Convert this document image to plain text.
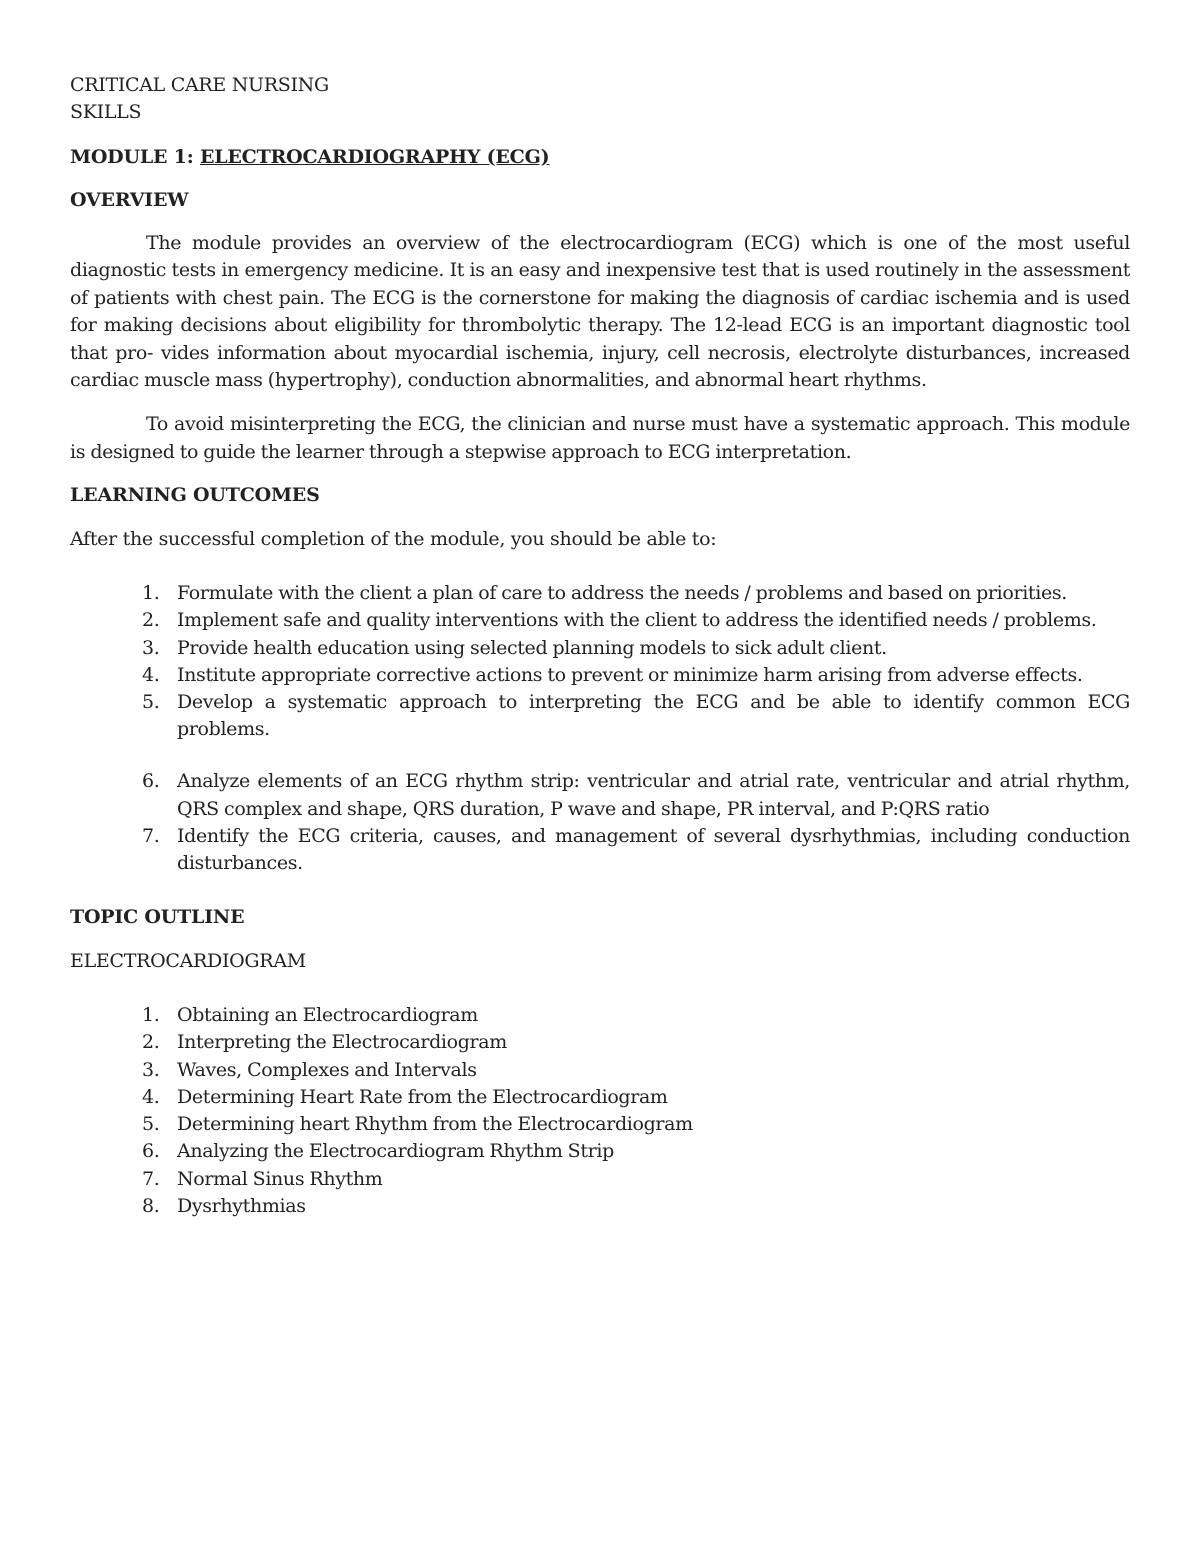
CRITICAL CARE NURSING

SKILLS

MODULE 1: ELECTROCARDIOGRAPHY (ECG)

OVERVIEW

The module provides an overview of the electrocardiogram (ECG) which is one of the most useful diagnostic tests in emergency medicine. It is an easy and inexpensive test that is used routinely in the assessment of patients with chest pain. The ECG is the cornerstone for making the diagnosis of cardiac ischemia and is used for making decisions about eligibility for thrombolytic therapy. The 12-lead ECG is an important diagnostic tool that pro- vides information about myocardial ischemia, injury, cell necrosis, electrolyte disturbances, increased cardiac muscle mass (hypertrophy), conduction abnormalities, and abnormal heart rhythms.

To avoid misinterpreting the ECG, the clinician and nurse must have a systematic approach. This module is designed to guide the learner through a stepwise approach to ECG interpretation.

LEARNING OUTCOMES

After the successful completion of the module, you should be able to:

1. Formulate with the client a plan of care to address the needs / problems and based on priorities.
2. Implement safe and quality interventions with the client to address the identified needs / problems.
3. Provide health education using selected planning models to sick adult client.
4. Institute appropriate corrective actions to prevent or minimize harm arising from adverse effects.
5. Develop a systematic approach to interpreting the ECG and be able to identify common ECG problems.
6. Analyze elements of an ECG rhythm strip: ventricular and atrial rate, ventricular and atrial rhythm, QRS complex and shape, QRS duration, P wave and shape, PR interval, and P:QRS ratio
7. Identify the ECG criteria, causes, and management of several dysrhythmias, including conduction disturbances.

TOPIC OUTLINE

ELECTROCARDIOGRAM

1. Obtaining an Electrocardiogram
2. Interpreting the Electrocardiogram
3. Waves, Complexes and Intervals
4. Determining Heart Rate from the Electrocardiogram
5. Determining heart Rhythm from the Electrocardiogram
6. Analyzing the Electrocardiogram Rhythm Strip
7. Normal Sinus Rhythm
8. Dysrhythmias
